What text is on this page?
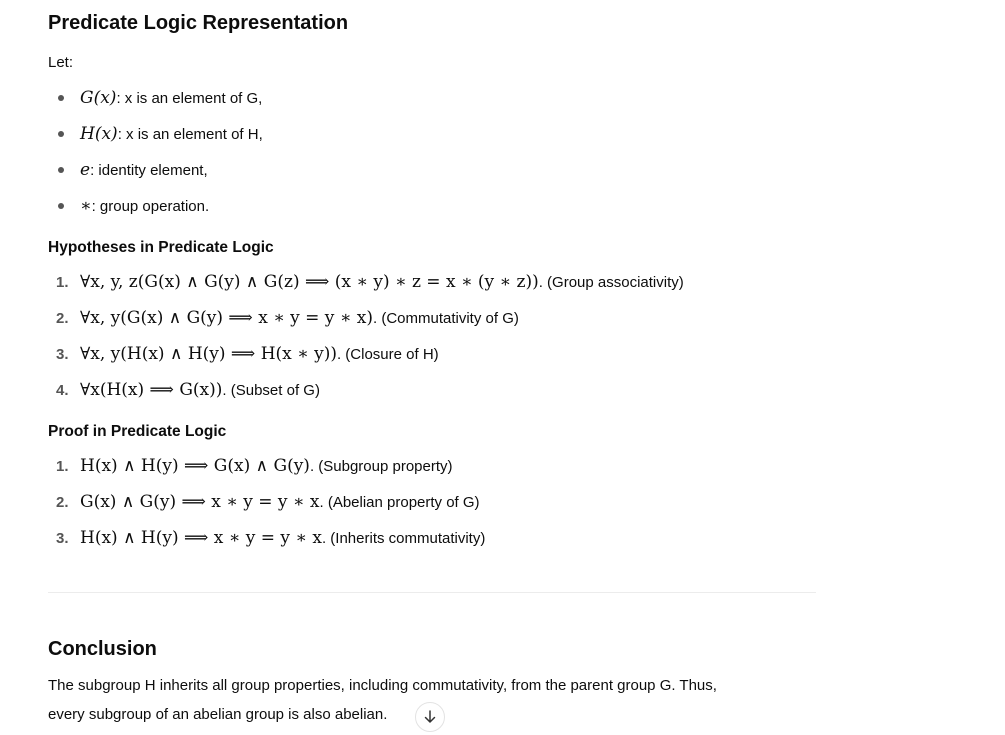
Predicate Logic Representation
Let:
G(x): x is an element of G,
H(x): x is an element of H,
e: identity element,
∗: group operation.
Hypotheses in Predicate Logic
1. ∀x, y, z(G(x) ∧ G(y) ∧ G(z) ⟹ (x ∗ y) ∗ z = x ∗ (y ∗ z)). (Group associativity)
2. ∀x, y(G(x) ∧ G(y) ⟹ x ∗ y = y ∗ x). (Commutativity of G)
3. ∀x, y(H(x) ∧ H(y) ⟹ H(x ∗ y)). (Closure of H)
4. ∀x(H(x) ⟹ G(x)). (Subset of G)
Proof in Predicate Logic
1. H(x) ∧ H(y) ⟹ G(x) ∧ G(y). (Subgroup property)
2. G(x) ∧ G(y) ⟹ x ∗ y = y ∗ x. (Abelian property of G)
3. H(x) ∧ H(y) ⟹ x ∗ y = y ∗ x. (Inherits commutativity)
Conclusion
The subgroup H inherits all group properties, including commutativity, from the parent group G. Thus,
every subgroup of an abelian group is also abelian.
